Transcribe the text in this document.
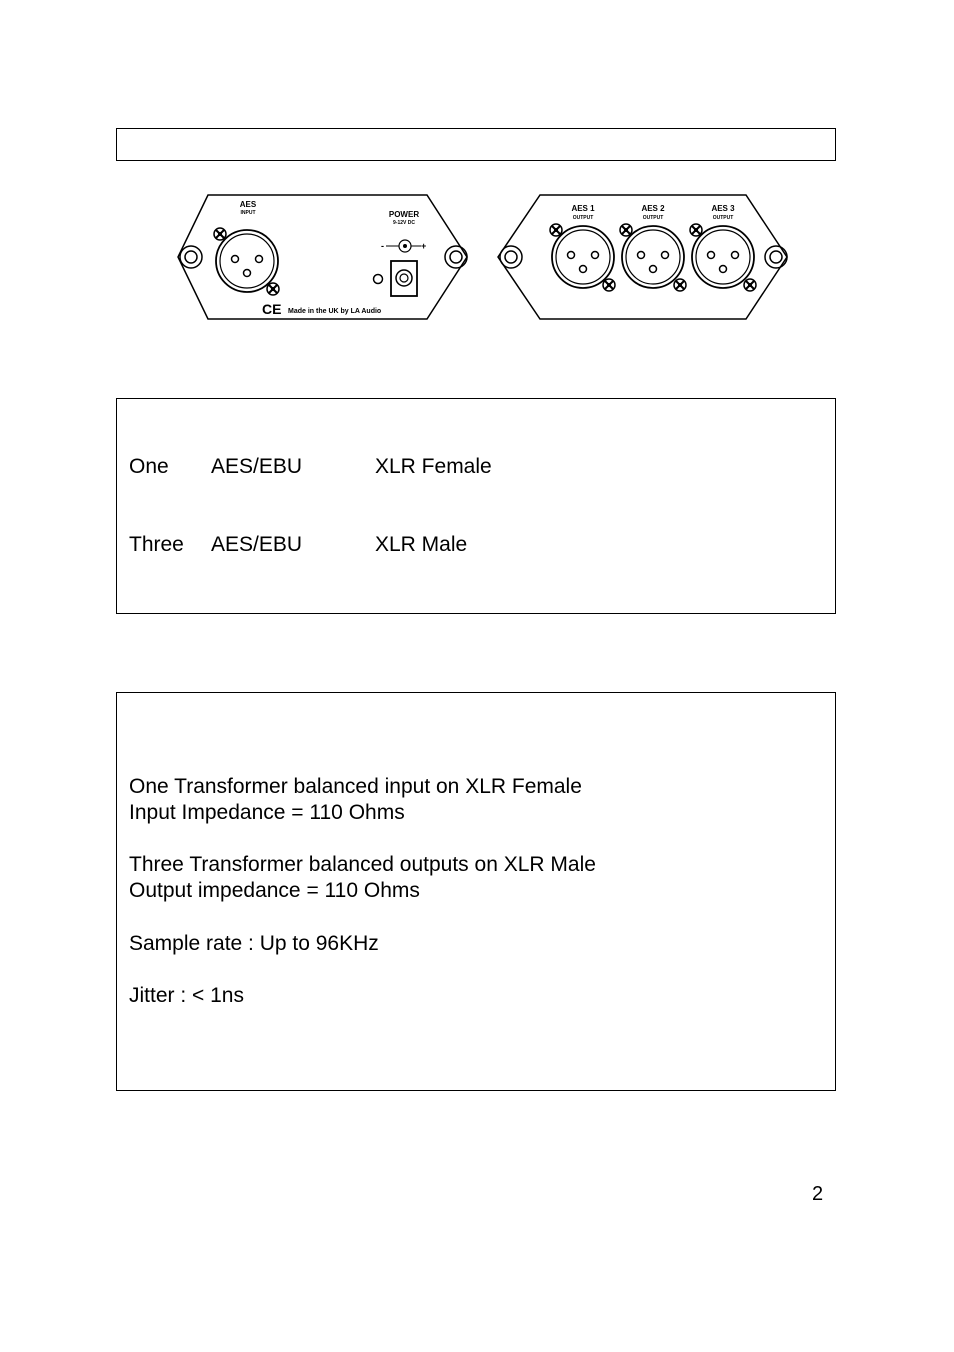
AES
INPUT	POWER
9-12V DC
-	+
CE Made in the UK by LA Audio
AES 1
OUTPUT
AES 2
OUTPUT
AES 3
OUTPUT
One AES/EBU	XLR Female
Three AES/EBU	XLR Male
One Transformer balanced input on XLR Female
Input Impedance = 110 Ohms
Three Transformer balanced outputs on XLR Male
Output impedance = 110 Ohms
Sample rate : Up to 96KHz
Jitter : < 1ns
2
